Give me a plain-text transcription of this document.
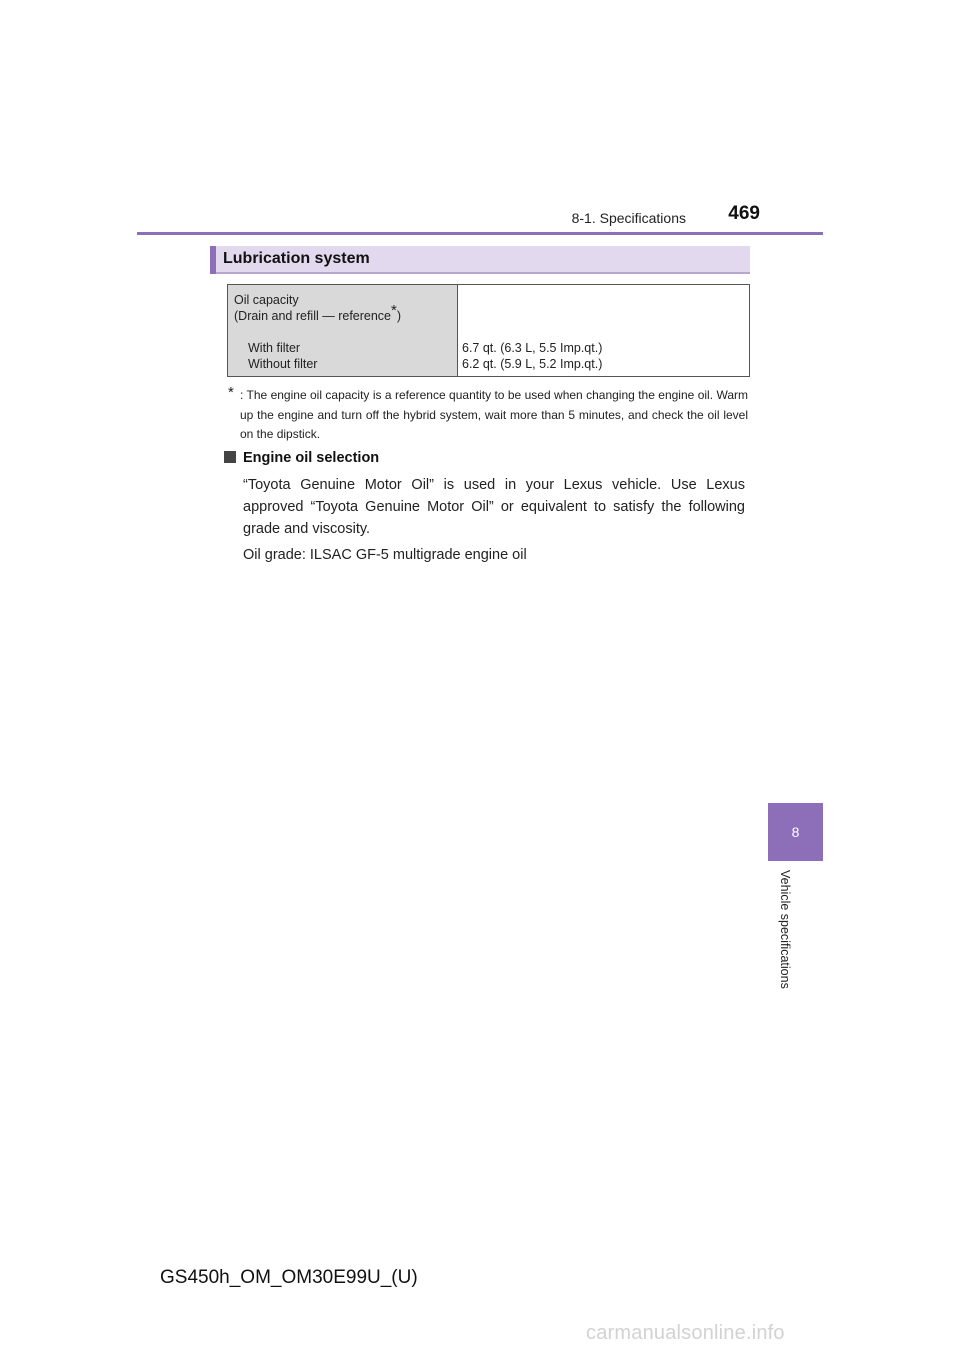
8-1. Specifications	469
Lubrication system
Oil capacity
(Drain and refill — reference*)
With filter
Without filter
6.7 qt. (6.3 L, 5.5 Imp.qt.)
6.2 qt. (5.9 L, 5.2 Imp.qt.)
* : The engine oil capacity is a reference quantity to be used when changing the engine oil. Warm up the engine and turn off the hybrid system, wait more than 5 minutes, and check the oil level on the dipstick.
Engine oil selection
“Toyota Genuine Motor Oil” is used in your Lexus vehicle. Use Lexus approved “Toyota Genuine Motor Oil” or equivalent to satisfy the following grade and viscosity.
Oil grade: ILSAC GF-5 multigrade engine oil
8
Vehicle specifications
GS450h_OM_OM30E99U_(U)
carmanualsonline.info
